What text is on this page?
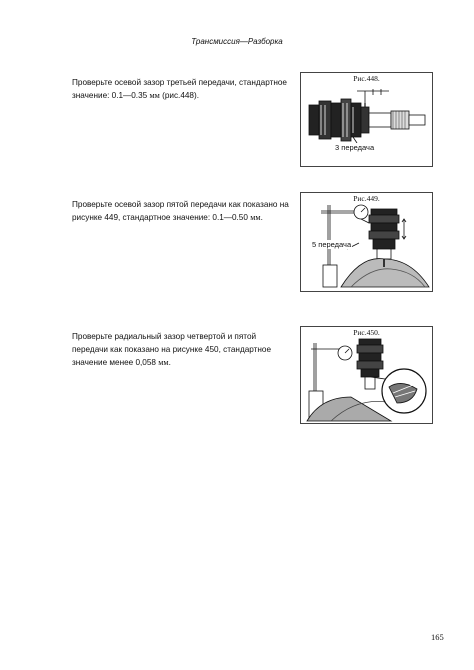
Трансмиссия—Разборка

Проверьте осевой зазор третьей передачи, стандартное значение: 0.1—0.35 мм (рис.448).

Рис.448.
3 передача

Проверьте осевой зазор пятой передачи как показано на рисунке 449, стандартное значение: 0.1—0.50 мм.

Рис.449.
5 передача

Проверьте радиальный зазор четвертой и пятой передачи как показано на рисунке 450, стандартное значение менее 0,058 мм.

Рис.450.
165
